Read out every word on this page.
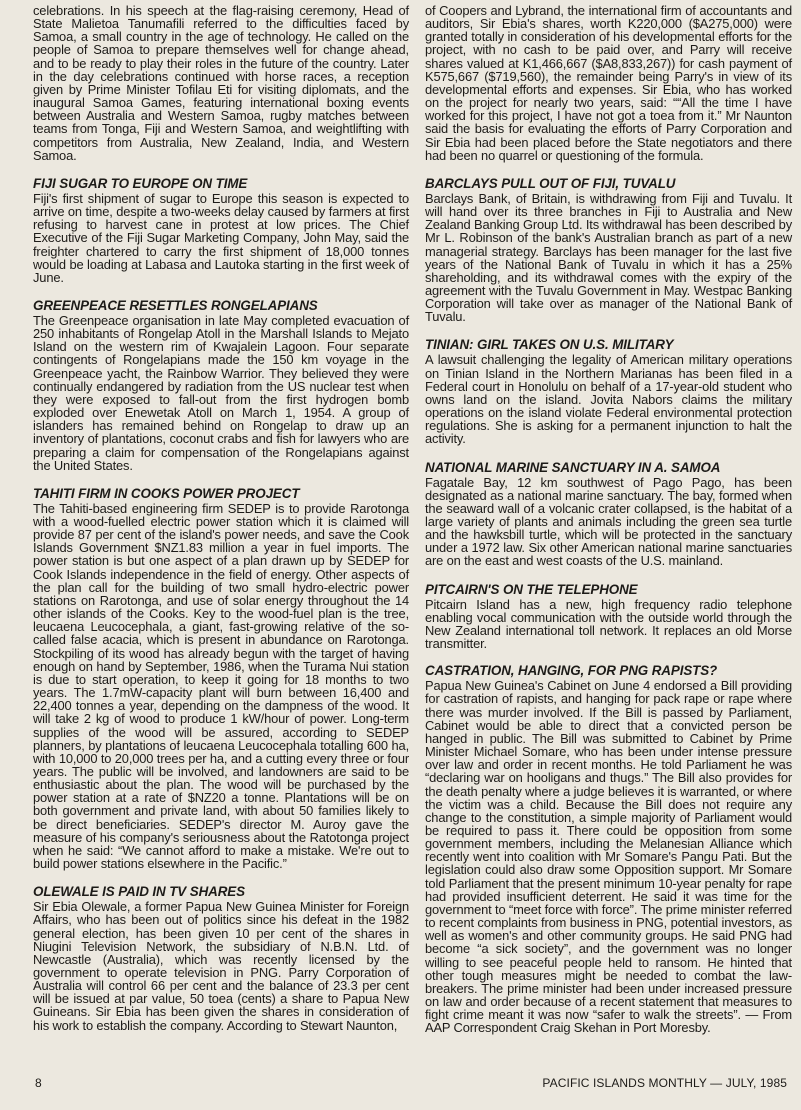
celebrations. In his speech at the flag-raising ceremony, Head of State Malietoa Tanumafili referred to the difficulties faced by Samoa, a small country in the age of technology. He called on the people of Samoa to prepare themselves well for change ahead, and to be ready to play their roles in the future of the country. Later in the day celebrations continued with horse races, a reception given by Prime Minister Tofilau Eti for visiting diplomats, and the inaugural Samoa Games, featuring international boxing events between Australia and Western Samoa, rugby matches between teams from Tonga, Fiji and Western Samoa, and weightlifting with competitors from Australia, New Zealand, India, and Western Samoa.

FIJI SUGAR TO EUROPE ON TIME

Fiji's first shipment of sugar to Europe this season is expected to arrive on time, despite a two-weeks delay caused by farmers at first refusing to harvest cane in protest at low prices. The Chief Executive of the Fiji Sugar Marketing Company, John May, said the freighter chartered to carry the first shipment of 18,000 tonnes would be loading at Labasa and Lautoka starting in the first week of June.

GREENPEACE RESETTLES RONGELAPIANS

The Greenpeace organisation in late May completed evacuation of 250 inhabitants of Rongelap Atoll in the Marshall Islands to Mejato Island on the western rim of Kwajalein Lagoon. Four separate contingents of Rongelapians made the 150 km voyage in the Greenpeace yacht, the Rainbow Warrior. They believed they were continually endangered by radiation from the US nuclear test when they were exposed to fall-out from the first hydrogen bomb exploded over Enewetak Atoll on March 1, 1954. A group of islanders has remained behind on Rongelap to draw up an inventory of plantations, coconut crabs and fish for lawyers who are preparing a claim for compensation of the Rongelapians against the United States.

TAHITI FIRM IN COOKS POWER PROJECT

The Tahiti-based engineering firm SEDEP is to provide Rarotonga with a wood-fuelled electric power station which it is claimed will provide 87 per cent of the island's power needs, and save the Cook Islands Government $NZ1.83 million a year in fuel imports. The power station is but one aspect of a plan drawn up by SEDEP for Cook Islands independence in the field of energy. Other aspects of the plan call for the building of two small hydro-electric power stations on Rarotonga, and use of solar energy throughout the 14 other islands of the Cooks. Key to the wood-fuel plan is the tree, leucaena Leucocephala, a giant, fast-growing relative of the so-called false acacia, which is present in abundance on Rarotonga. Stockpiling of its wood has already begun with the target of having enough on hand by September, 1986, when the Turama Nui station is due to start operation, to keep it going for 18 months to two years. The 1.7mW-capacity plant will burn between 16,400 and 22,400 tonnes a year, depending on the dampness of the wood. It will take 2 kg of wood to produce 1 kW/hour of power. Long-term supplies of the wood will be assured, according to SEDEP planners, by plantations of leucaena Leucocephala totalling 600 ha, with 10,000 to 20,000 trees per ha, and a cutting every three or four years. The public will be involved, and landowners are said to be enthusiastic about the plan. The wood will be purchased by the power station at a rate of $NZ20 a tonne. Plantations will be on both government and private land, with about 50 families likely to be direct beneficiaries. SEDEP's director M. Auroy gave the measure of his company's seriousness about the Ratotonga project when he said: “We cannot afford to make a mistake. We're out to build power stations elsewhere in the Pacific.”

OLEWALE IS PAID IN TV SHARES

Sir Ebia Olewale, a former Papua New Guinea Minister for Foreign Affairs, who has been out of politics since his defeat in the 1982 general election, has been given 10 per cent of the shares in Niugini Television Network, the subsidiary of N.B.N. Ltd. of Newcastle (Australia), which was recently licensed by the government to operate television in PNG. Parry Corporation of Australia will control 66 per cent and the balance of 23.3 per cent will be issued at par value, 50 toea (cents) a share to Papua New Guineans. Sir Ebia has been given the shares in consideration of his work to establish the company. According to Stewart Naunton,

of Coopers and Lybrand, the international firm of accountants and auditors, Sir Ebia's shares, worth K220,000 ($A275,000) were granted totally in consideration of his developmental efforts for the project, with no cash to be paid over, and Parry will receive shares valued at K1,466,667 ($A8,833,267)) for cash payment of K575,667 ($719,560), the remainder being Parry's in view of its developmental efforts and expenses. Sir Ebia, who has worked on the project for nearly two years, said: ““All the time I have worked for this project, I have not got a toea from it.” Mr Naunton said the basis for evaluating the efforts of Parry Corporation and Sir Ebia had been placed before the State negotiators and there had been no quarrel or questioning of the formula.

BARCLAYS PULL OUT OF FIJI, TUVALU

Barclays Bank, of Britain, is withdrawing from Fiji and Tuvalu. It will hand over its three branches in Fiji to Australia and New Zealand Banking Group Ltd. Its withdrawal has been described by Mr L. Robinson of the bank's Australian branch as part of a new managerial strategy. Barclays has been manager for the last five years of the National Bank of Tuvalu in which it has a 25% shareholding, and its withdrawal comes with the expiry of the agreement with the Tuvalu Government in May. Westpac Banking Corporation will take over as manager of the National Bank of Tuvalu.

TINIAN: GIRL TAKES ON U.S. MILITARY

A lawsuit challenging the legality of American military operations on Tinian Island in the Northern Marianas has been filed in a Federal court in Honolulu on behalf of a 17-year-old student who owns land on the island. Jovita Nabors claims the military operations on the island violate Federal environmental protection regulations. She is asking for a permanent injunction to halt the activity.

NATIONAL MARINE SANCTUARY IN A. SAMOA

Fagatale Bay, 12 km southwest of Pago Pago, has been designated as a national marine sanctuary. The bay, formed when the seaward wall of a volcanic crater collapsed, is the habitat of a large variety of plants and animals including the green sea turtle and the hawksbill turtle, which will be protected in the sanctuary under a 1972 law. Six other American national marine sanctuaries are on the east and west coasts of the U.S. mainland.

PITCAIRN'S ON THE TELEPHONE

Pitcairn Island has a new, high frequency radio telephone enabling vocal communication with the outside world through the New Zealand international toll network. It replaces an old Morse transmitter.

CASTRATION, HANGING, FOR PNG RAPISTS?

Papua New Guinea's Cabinet on June 4 endorsed a Bill providing for castration of rapists, and hanging for pack rape or rape where there was murder involved. If the Bill is passed by Parliament, Cabinet would be able to direct that a convicted person be hanged in public. The Bill was submitted to Cabinet by Prime Minister Michael Somare, who has been under intense pressure over law and order in recent months. He told Parliament he was “declaring war on hooligans and thugs.” The Bill also provides for the death penalty where a judge believes it is warranted, or where the victim was a child. Because the Bill does not require any change to the constitution, a simple majority of Parliament would be required to pass it. There could be opposition from some government members, including the Melanesian Alliance which recently went into coalition with Mr Somare's Pangu Pati. But the legislation could also draw some Opposition support. Mr Somare told Parliament that the present minimum 10-year penalty for rape had provided insufficient deterrent. He said it was time for the government to “meet force with force”. The prime minister referred to recent complaints from business in PNG, potential investors, as well as women's and other community groups. He said PNG had become “a sick society”, and the government was no longer willing to see peaceful people held to ransom. He hinted that other tough measures might be needed to combat the law-breakers. The prime minister had been under increased pressure on law and order because of a recent statement that measures to fight crime meant it was now “safer to walk the streets”. — From AAP Correspondent Craig Skehan in Port Moresby.

8	PACIFIC ISLANDS MONTHLY — JULY, 1985
